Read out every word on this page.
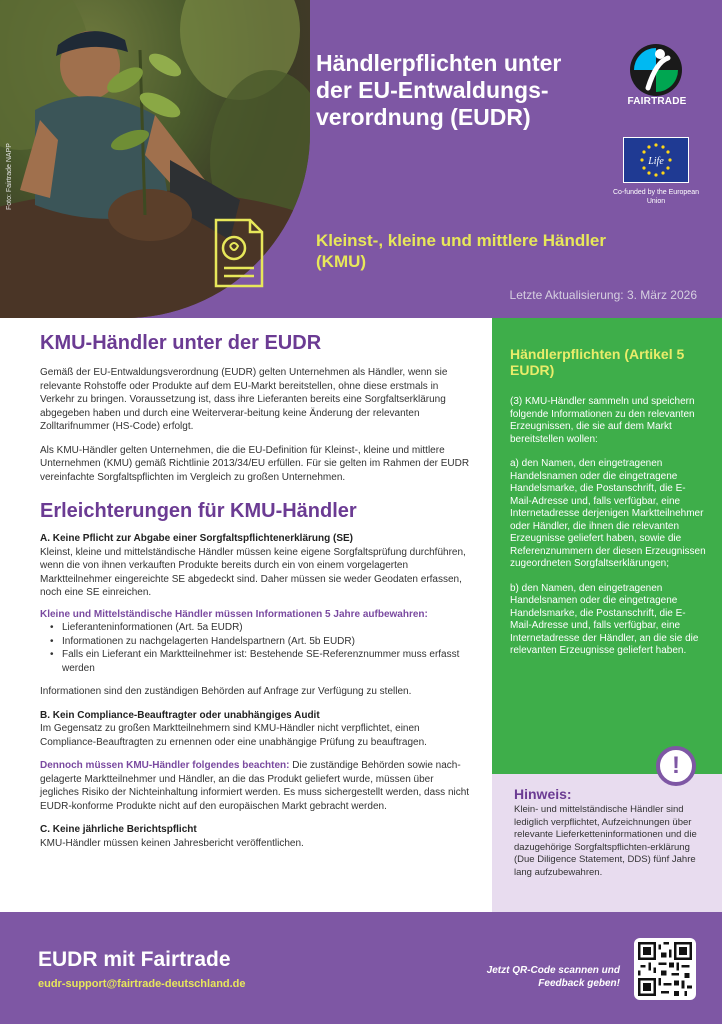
Foto: Fairtrade NAPP
Händlerpflichten unter der EU-Entwaldungs-verordnung (EUDR)
Kleinst-, kleine und mittlere Händler (KMU)
Letzte Aktualisierung: 3. März 2026
FAIRTRADE
Life
Co-funded by the European Union
KMU-Händler unter der EUDR

Gemäß der EU-Entwaldungsverordnung (EUDR) gelten Unternehmen als Händler, wenn sie relevante Rohstoffe oder Produkte auf dem EU-Markt bereitstellen, ohne diese erstmals in Verkehr zu bringen. Voraussetzung ist, dass ihre Lieferanten bereits eine Sorgfaltserklärung abgegeben haben und durch eine Weiterverar-beitung keine Änderung der relevanten Zolltarifnummer (HS-Code) erfolgt.

Als KMU-Händler gelten Unternehmen, die die EU-Definition für Kleinst-, kleine und mittlere Unternehmen (KMU) gemäß Richtlinie 2013/34/EU erfüllen. Für sie gelten im Rahmen der EUDR vereinfachte Sorgfaltspflichten im Vergleich zu großen Unternehmen.

Erleichterungen für KMU-Händler

A. Keine Pflicht zur Abgabe einer Sorgfaltspflichtenerklärung (SE)

Kleinst, kleine und mittelständische Händler müssen keine eigene Sorgfaltsprüfung durchführen, wenn die von ihnen verkauften Produkte bereits durch ein von einem vorgelagerten Marktteilnehmer eingereichte SE abgedeckt sind. Daher müssen sie weder Geodaten erfassen, noch eine SE einreichen.

Kleine und Mittelständische Händler müssen Informationen 5 Jahre aufbewahren:

• Lieferanteninformationen (Art. 5a EUDR)
• Informationen zu nachgelagerten Handelspartnern (Art. 5b EUDR)
• Falls ein Lieferant ein Marktteilnehmer ist: Bestehende SE-Referenznummer muss erfasst werden

Informationen sind den zuständigen Behörden auf Anfrage zur Verfügung zu stellen.

B. Kein Compliance-Beauftragter oder unabhängiges Audit

Im Gegensatz zu großen Marktteilnehmern sind KMU-Händler nicht verpflichtet, einen Compliance-Beauftragten zu ernennen oder eine unabhängige Prüfung zu beauftragen.

Dennoch müssen KMU-Händler folgendes beachten: Die zuständige Behörden sowie nach-gelagerte Marktteilnehmer und Händler, an die das Produkt geliefert wurde, müssen über jegliches Risiko der Nichteinhaltung informiert werden. Es muss sichergestellt werden, dass nicht EUDR-konforme Produkte nicht auf den europäischen Markt gebracht werden.

C. Keine jährliche Berichtspflicht

KMU-Händler müssen keinen Jahresbericht veröffentlichen.

Händlerpflichten (Artikel 5 EUDR)

(3) KMU-Händler sammeln und speichern folgende Informationen zu den relevanten Erzeugnissen, die sie auf dem Markt bereitstellen wollen:

a) den Namen, den eingetragenen Handelsnamen oder die eingetragene Handelsmarke, die Postanschrift, die E-Mail-Adresse und, falls verfügbar, eine Internetadresse derjenigen Marktteilnehmer oder Händler, die ihnen die relevanten Erzeugnisse geliefert haben, sowie die Referenznummern der diesen Erzeugnissen zugeordneten Sorgfaltserklärungen;

b) den Namen, den eingetragenen Handelsnamen oder die eingetragene Handelsmarke, die Postanschrift, die E-Mail-Adresse und, falls verfügbar, eine Internetadresse der Händler, an die sie die relevanten Erzeugnisse geliefert haben.

Hinweis:
Klein- und mittelständische Händler sind lediglich verpflichtet, Aufzeichnungen über relevante Lieferketteninformationen und die dazugehörige Sorgfaltspflichten-erklärung (Due Diligence Statement, DDS) fünf Jahre lang aufzubewahren.
!
EUDR mit Fairtrade
eudr-support@fairtrade-deutschland.de
Jetzt QR-Code scannen und Feedback geben!
